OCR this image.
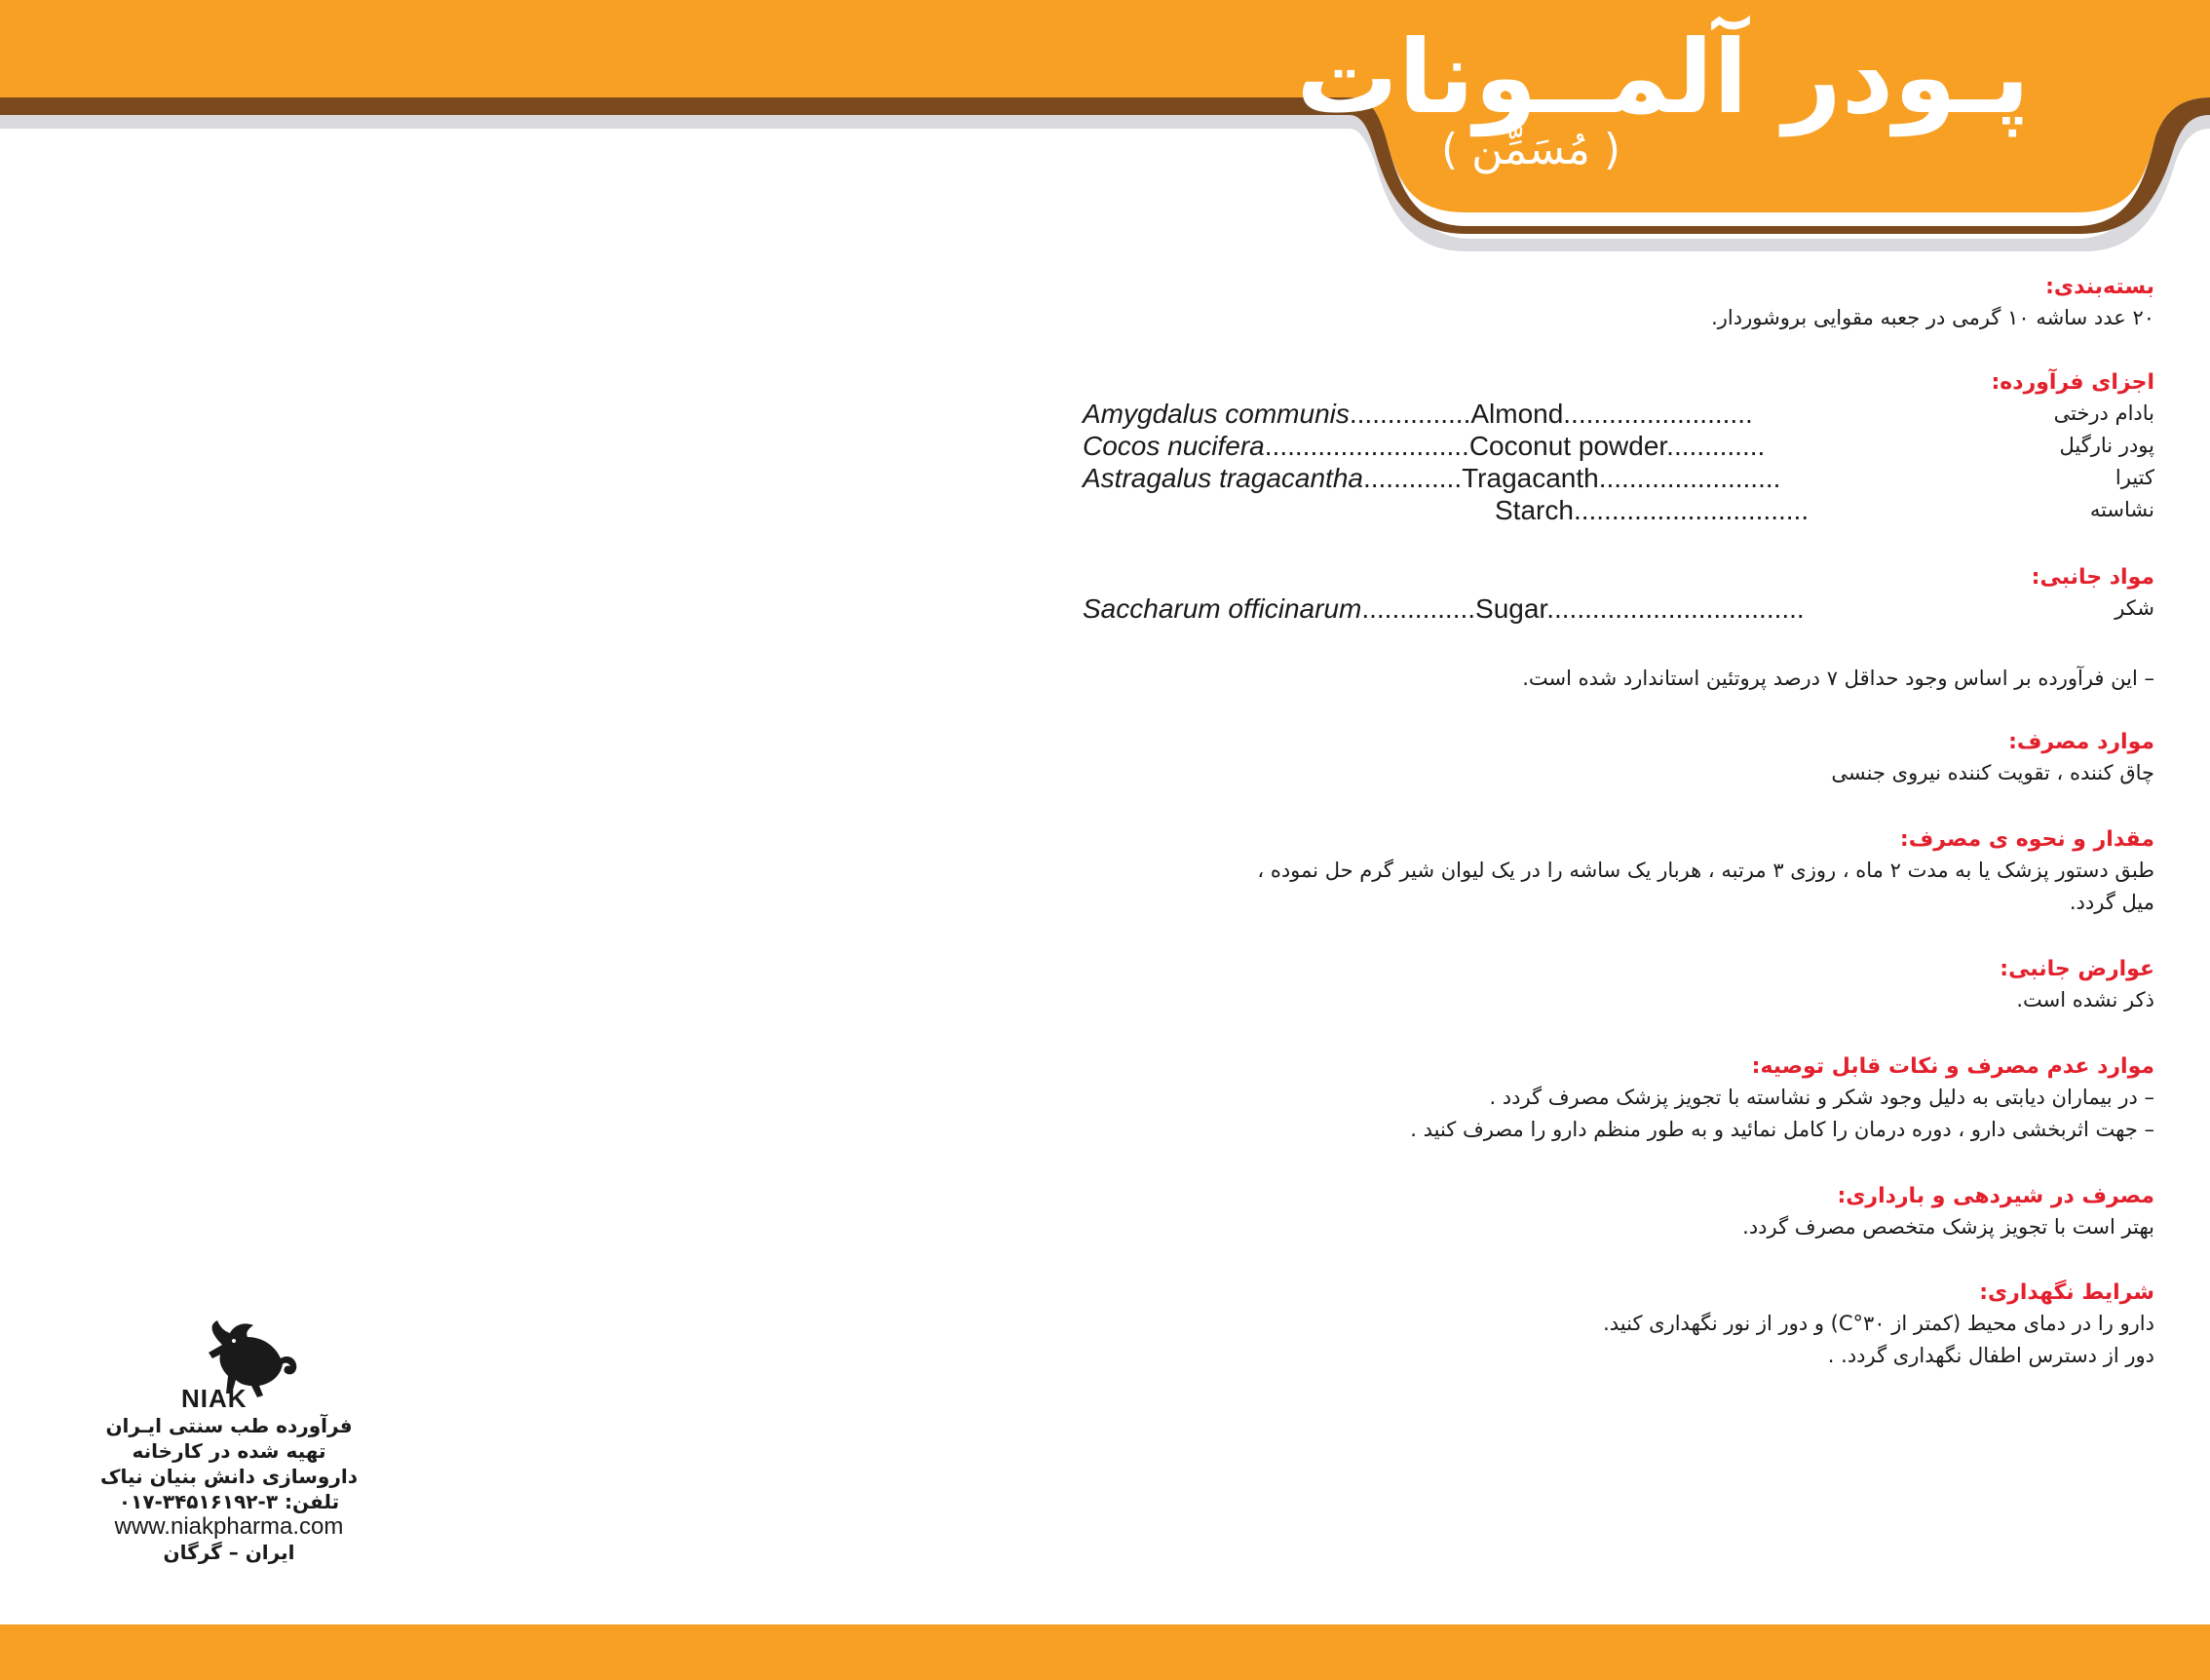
پـودر آلمــونات
( مُسَمِّن )
بسته‌بندی:
۲۰ عدد ساشه ۱۰ گرمی در جعبه مقوایی بروشوردار.
اجزای فرآورده:
بادام درختی
Amygdalus communis................Almond.........................
پودر نارگیل
Cocos nucifera...........................Coconut powder.............
کتیرا
Astragalus tragacantha.............Tragacanth........................
نشاسته
Starch...............................
مواد جانبی:
شکر
Saccharum officinarum...............Sugar..................................
– این فرآورده بر اساس وجود حداقل ۷ درصد پروتئین استاندارد شده است.
موارد مصرف:
چاق کننده ، تقویت کننده نیروی جنسی
مقدار و نحوه ی مصرف:
طبق دستور پزشک یا به مدت ۲ ماه ، روزی ۳ مرتبه ، هربار یک ساشه را در یک لیوان شیر گرم حل نموده ،
میل گردد.
عوارض جانبی:
ذکر نشده است.
موارد عدم مصرف و نکات قابل توصیه:
– در بیماران دیابتی به دلیل وجود شکر و نشاسته با تجویز پزشک مصرف گردد .
– جهت اثربخشی دارو ، دوره درمان را کامل نمائید و به طور منظم دارو را مصرف کنید .
مصرف در شیردهی و بارداری:
بهتر است با تجویز پزشک متخصص مصرف گردد.
شرایط نگهداری:
دارو را در دمای محیط (کمتر از ۳۰°C) و دور از نور نگهداری کنید.
دور از دسترس اطفال نگهداری گردد. .
NIAK
فرآورده طب سنتی ایـران
تهیه شده در کارخانه
داروسازی دانش بنیان نیاک
تلفن: ۳-۳۴۵۱۶۱۹۲-۰۱۷
www.niakpharma.com
ایران – گرگان
